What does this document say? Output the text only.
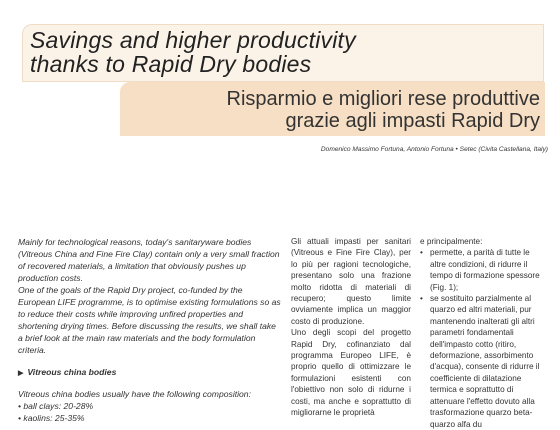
Savings and higher productivity
thanks to Rapid Dry bodies
Risparmio e migliori rese produttive
grazie agli impasti Rapid Dry
Domenico Massimo Fortuna, Antonio Fortuna • Setec (Civita Castellana, Italy)

Mainly for technological reasons, today's sanitaryware bodies (Vitreous China and Fine Fire Clay) contain only a very small fraction of recovered materials, a limitation that obviously pushes up production costs.

One of the goals of the Rapid Dry project, co-funded by the European LIFE programme, is to optimise existing formulations so as to reduce their costs while improving unfired properties and shortening drying times. Before discussing the results, we shall take a brief look at the main raw materials and the body formulation criteria.

▶ Vitreous china bodies

Vitreous china bodies usually have the following composition:

• ball clays: 20-28%
• kaolins: 25-35%

Gli attuali impasti per sanitari (Vitreous e Fine Fire Clay), per lo più per ragioni tecnologiche, presentano solo una frazione molto ridotta di materiali di recupero; questo limite ovviamente implica un maggior costo di produzione.

Uno degli scopi del progetto Rapid Dry, cofinanziato dal programma Europeo LIFE, è proprio quello di ottimizzare le formulazioni esistenti con l'obiettivo non solo di ridurne i costi, ma anche e soprattutto di migliorarne le proprietà

e principalmente:

• permette, a parità di tutte le altre condizioni, di ridurre il tempo di formazione spessore (Fig. 1);
• se sostituito parzialmente al quarzo ed altri materiali, pur mantenendo inalterati gli altri parametri fondamentali dell'impasto cotto (ritiro, deformazione, assorbimento d'acqua), consente di ridurre il coefficiente di dilatazione termica e soprattutto di attenuare l'effetto dovuto alla trasformazione quarzo beta-quarzo alfa du
